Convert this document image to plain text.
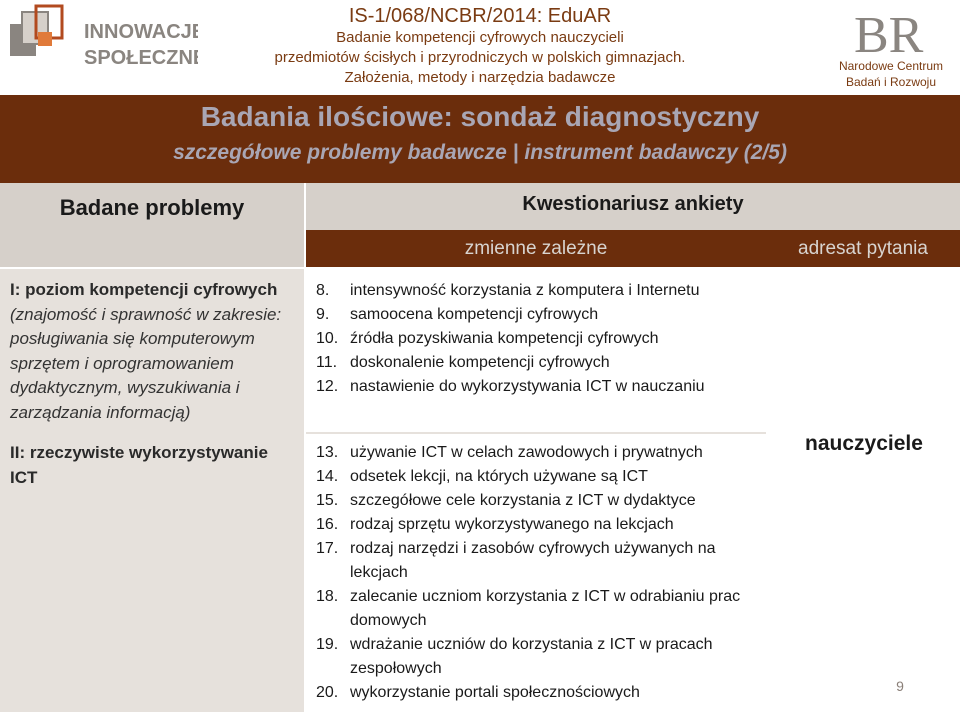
INNOWACJE
SPOŁECZNE
IS-1/068/NCBR/2014: EduAR
Badanie kompetencji cyfrowych nauczycieli
przedmiotów ścisłych i przyrodniczych w polskich gimnazjach.
Założenia, metody i narzędzia badawcze
BR
Narodowe Centrum
Badań i Rozwoju
Badania ilościowe: sondaż diagnostyczny
szczegółowe problemy badawcze | instrument badawczy (2/5)
Badane problemy	Kwestionariusz ankiety
zmienne zależne	adresat pytania
I: poziom kompetencji cyfrowych
(znajomość i sprawność w zakresie: posługiwania się komputerowym sprzętem i oprogramowaniem dydaktycznym, wyszukiwania i zarządzania informacją)
II: rzeczywiste wykorzystywanie ICT
8.	intensywność korzystania z komputera i Internetu
9.	samoocena kompetencji cyfrowych
10. źródła pozyskiwania kompetencji cyfrowych
11. doskonalenie kompetencji cyfrowych
12. nastawienie do wykorzystywania ICT w nauczaniu
13. używanie ICT w celach zawodowych i prywatnych
14. odsetek lekcji, na których używane są ICT
15. szczegółowe cele korzystania z ICT w dydaktyce
16. rodzaj sprzętu wykorzystywanego na lekcjach
17. rodzaj narzędzi i zasobów cyfrowych używanych na lekcjach
18. zalecanie uczniom korzystania z ICT w odrabianiu prac domowych
19. wdrażanie uczniów do korzystania z ICT w pracach zespołowych
20. wykorzystanie portali społecznościowych
nauczyciele
9
